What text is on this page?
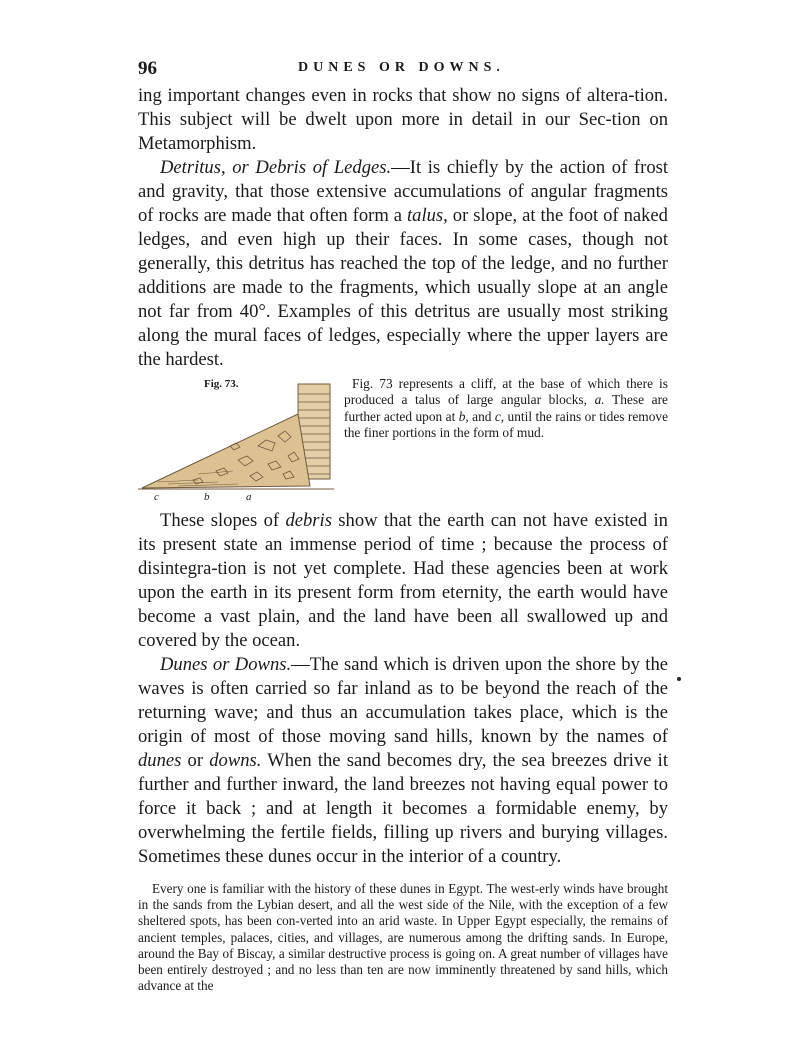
96	DUNES OR DOWNS.

ing important changes even in rocks that show no signs of altera-tion. This subject will be dwelt upon more in detail in our Sec-tion on Metamorphism.

Detritus, or Debris of Ledges.—It is chiefly by the action of frost and gravity, that those extensive accumulations of angular fragments of rocks are made that often form a talus, or slope, at the foot of naked ledges, and even high up their faces. In some cases, though not generally, this detritus has reached the top of the ledge, and no further additions are made to the fragments, which usually slope at an angle not far from 40°. Examples of this detritus are usually most striking along the mural faces of ledges, especially where the upper layers are the hardest.

Fig. 73.
c	b	a

Fig. 73 represents a cliff, at the base of which there is produced a talus of large angular blocks, a. These are further acted upon at b, and c, until the rains or tides remove the finer portions in the form of mud.

These slopes of debris show that the earth can not have existed in its present state an immense period of time ; because the process of disintegra-tion is not yet complete. Had these agencies been at work upon the earth in its present form from eternity, the earth would have become a vast plain, and the land have been all swallowed up and covered by the ocean.

Dunes or Downs.—The sand which is driven upon the shore by the waves is often carried so far inland as to be beyond the reach of the returning wave; and thus an accumulation takes place, which is the origin of most of those moving sand hills, known by the names of dunes or downs. When the sand becomes dry, the sea breezes drive it further and further inward, the land breezes not having equal power to force it back ; and at length it becomes a formidable enemy, by overwhelming the fertile fields, filling up rivers and burying villages. Sometimes these dunes occur in the interior of a country.

Every one is familiar with the history of these dunes in Egypt. The west-erly winds have brought in the sands from the Lybian desert, and all the west side of the Nile, with the exception of a few sheltered spots, has been con-verted into an arid waste. In Upper Egypt especially, the remains of ancient temples, palaces, cities, and villages, are numerous among the drifting sands. In Europe, around the Bay of Biscay, a similar destructive process is going on. A great number of villages have been entirely destroyed ; and no less than ten are now imminently threatened by sand hills, which advance at the
